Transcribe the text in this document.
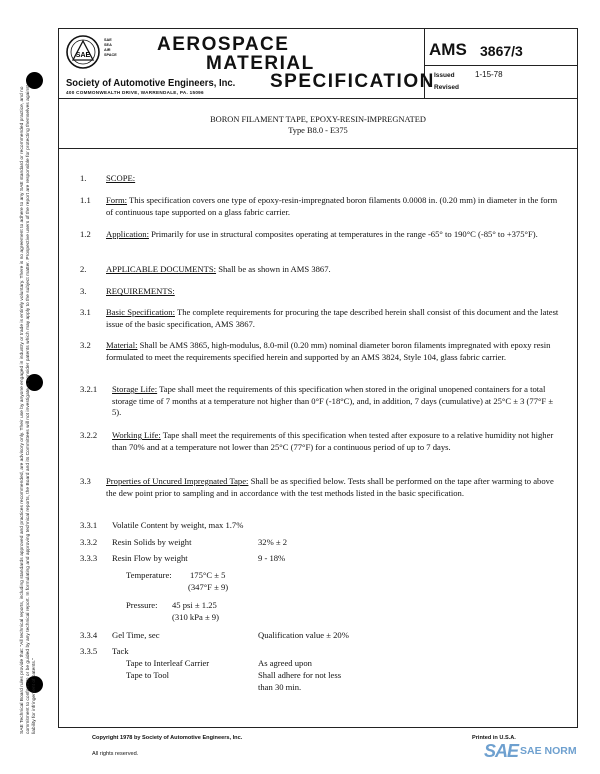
SAE Technical Board rules provide that: "All technical reports, including standards approved and practices recommended, are advisory only. Their use by anyone engaged in industry or trade is entirely voluntary. There is no agreement to adhere to any SAE standard or recommended practice, and no commitment to conform to or be guided by any technical report. In formulating and approving technical reports, the Board and its Committees will not investigate or consider patents which may apply to the subject matter. Prospective users of the report are responsible for protecting themselves against liability for infringement of patents."
SAE
SAE
SEA
AIR
SPACE AEROSPACE
MATERIAL
SPECIFICATION
Society of Automotive Engineers, Inc.
400 COMMONWEALTH DRIVE, WARRENDALE, PA. 15096
AMS 3867/3
Issued	1-15-78
Revised
BORON FILAMENT TAPE, EPOXY-RESIN-IMPREGNATED
Type B8.0 - E375
1. SCOPE:
1.1 Form: This specification covers one type of epoxy-resin-impregnated boron filaments 0.0008 in. (0.20 mm) in diameter in the form of continuous tape supported on a glass fabric carrier.
1.2 Application: Primarily for use in structural composites operating at temperatures in the range -65° to 190°C (-85° to +375°F).
2. APPLICABLE DOCUMENTS: Shall be as shown in AMS 3867.
3. REQUIREMENTS:
3.1 Basic Specification: The complete requirements for procuring the tape described herein shall consist of this document and the latest issue of the basic specification, AMS 3867.
3.2 Material: Shall be AMS 3865, high-modulus, 8.0-mil (0.20 mm) nominal diameter boron filaments impregnated with epoxy resin formulated to meet the requirements specified herein and supported by an AMS 3824, Style 104, glass fabric carrier.
3.2.1 Storage Life: Tape shall meet the requirements of this specification when stored in the original unopened containers for a total storage time of 7 months at a temperature not higher than 0°F (-18°C), and, in addition, 7 days (cumulative) at 25°C ± 3 (77°F ± 5).
3.2.2 Working Life: Tape shall meet the requirements of this specification when tested after exposure to a relative humidity not higher than 70% and at a temperature not lower than 25°C (77°F) for a continuous period of up to 7 days.
3.3 Properties of Uncured Impregnated Tape: Shall be as specified below. Tests shall be performed on the tape after warming to above the dew point prior to sampling and in accordance with the test methods listed in the basic specification.
3.3.1 Volatile Content by weight, max 1.7%
3.3.2 Resin Solids by weight	32% ± 2
3.3.3 Resin Flow by weight	9 - 18%
Temperature: 175°C ± 5
(347°F ± 9)
Pressure: 45 psi ± 1.25
(310 kPa ± 9)
3.3.4 Gel Time, sec	Qualification value ± 20%
3.3.5 Tack
Tape to Interleaf Carrier	As agreed upon
Tape to Tool	Shall adhere for not less
than 30 min.
Copyright 1978 by Society of Automotive Engineers, Inc.
All rights reserved.
Printed in U.S.A.
SAE SAE NORM
